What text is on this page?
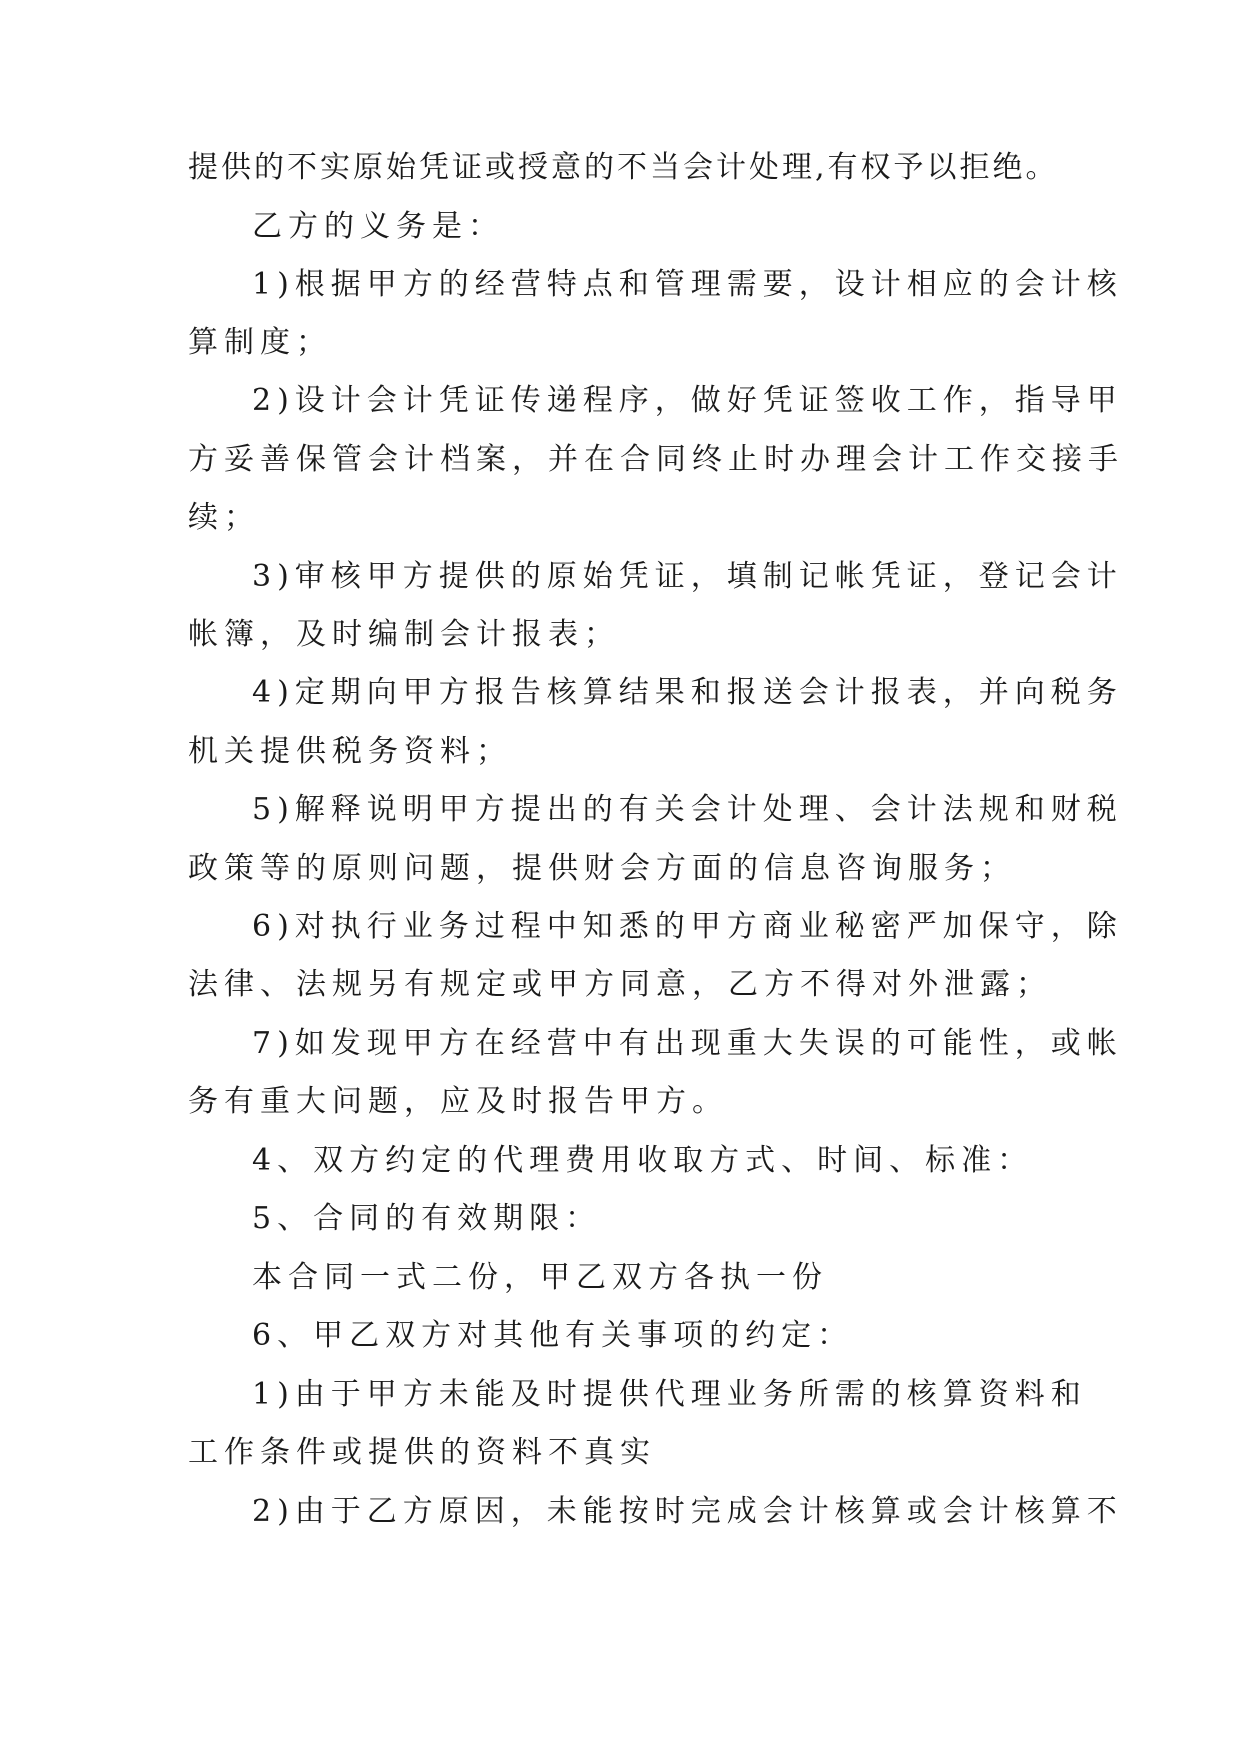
提供的不实原始凭证或授意的不当会计处理,有权予以拒绝。
乙方的义务是：
1)根据甲方的经营特点和管理需要，设计相应的会计核
算制度；
2)设计会计凭证传递程序，做好凭证签收工作，指导甲
方妥善保管会计档案，并在合同终止时办理会计工作交接手
续；
3)审核甲方提供的原始凭证，填制记帐凭证，登记会计
帐簿，及时编制会计报表；
4)定期向甲方报告核算结果和报送会计报表，并向税务
机关提供税务资料；
5)解释说明甲方提出的有关会计处理、会计法规和财税
政策等的原则问题，提供财会方面的信息咨询服务；
6)对执行业务过程中知悉的甲方商业秘密严加保守，除
法律、法规另有规定或甲方同意，乙方不得对外泄露；
7)如发现甲方在经营中有出现重大失误的可能性，或帐
务有重大问题，应及时报告甲方。
4、双方约定的代理费用收取方式、时间、标准：
5、合同的有效期限：
本合同一式二份，甲乙双方各执一份
6、甲乙双方对其他有关事项的约定：
1)由于甲方未能及时提供代理业务所需的核算资料和
工作条件或提供的资料不真实
2)由于乙方原因，未能按时完成会计核算或会计核算不
